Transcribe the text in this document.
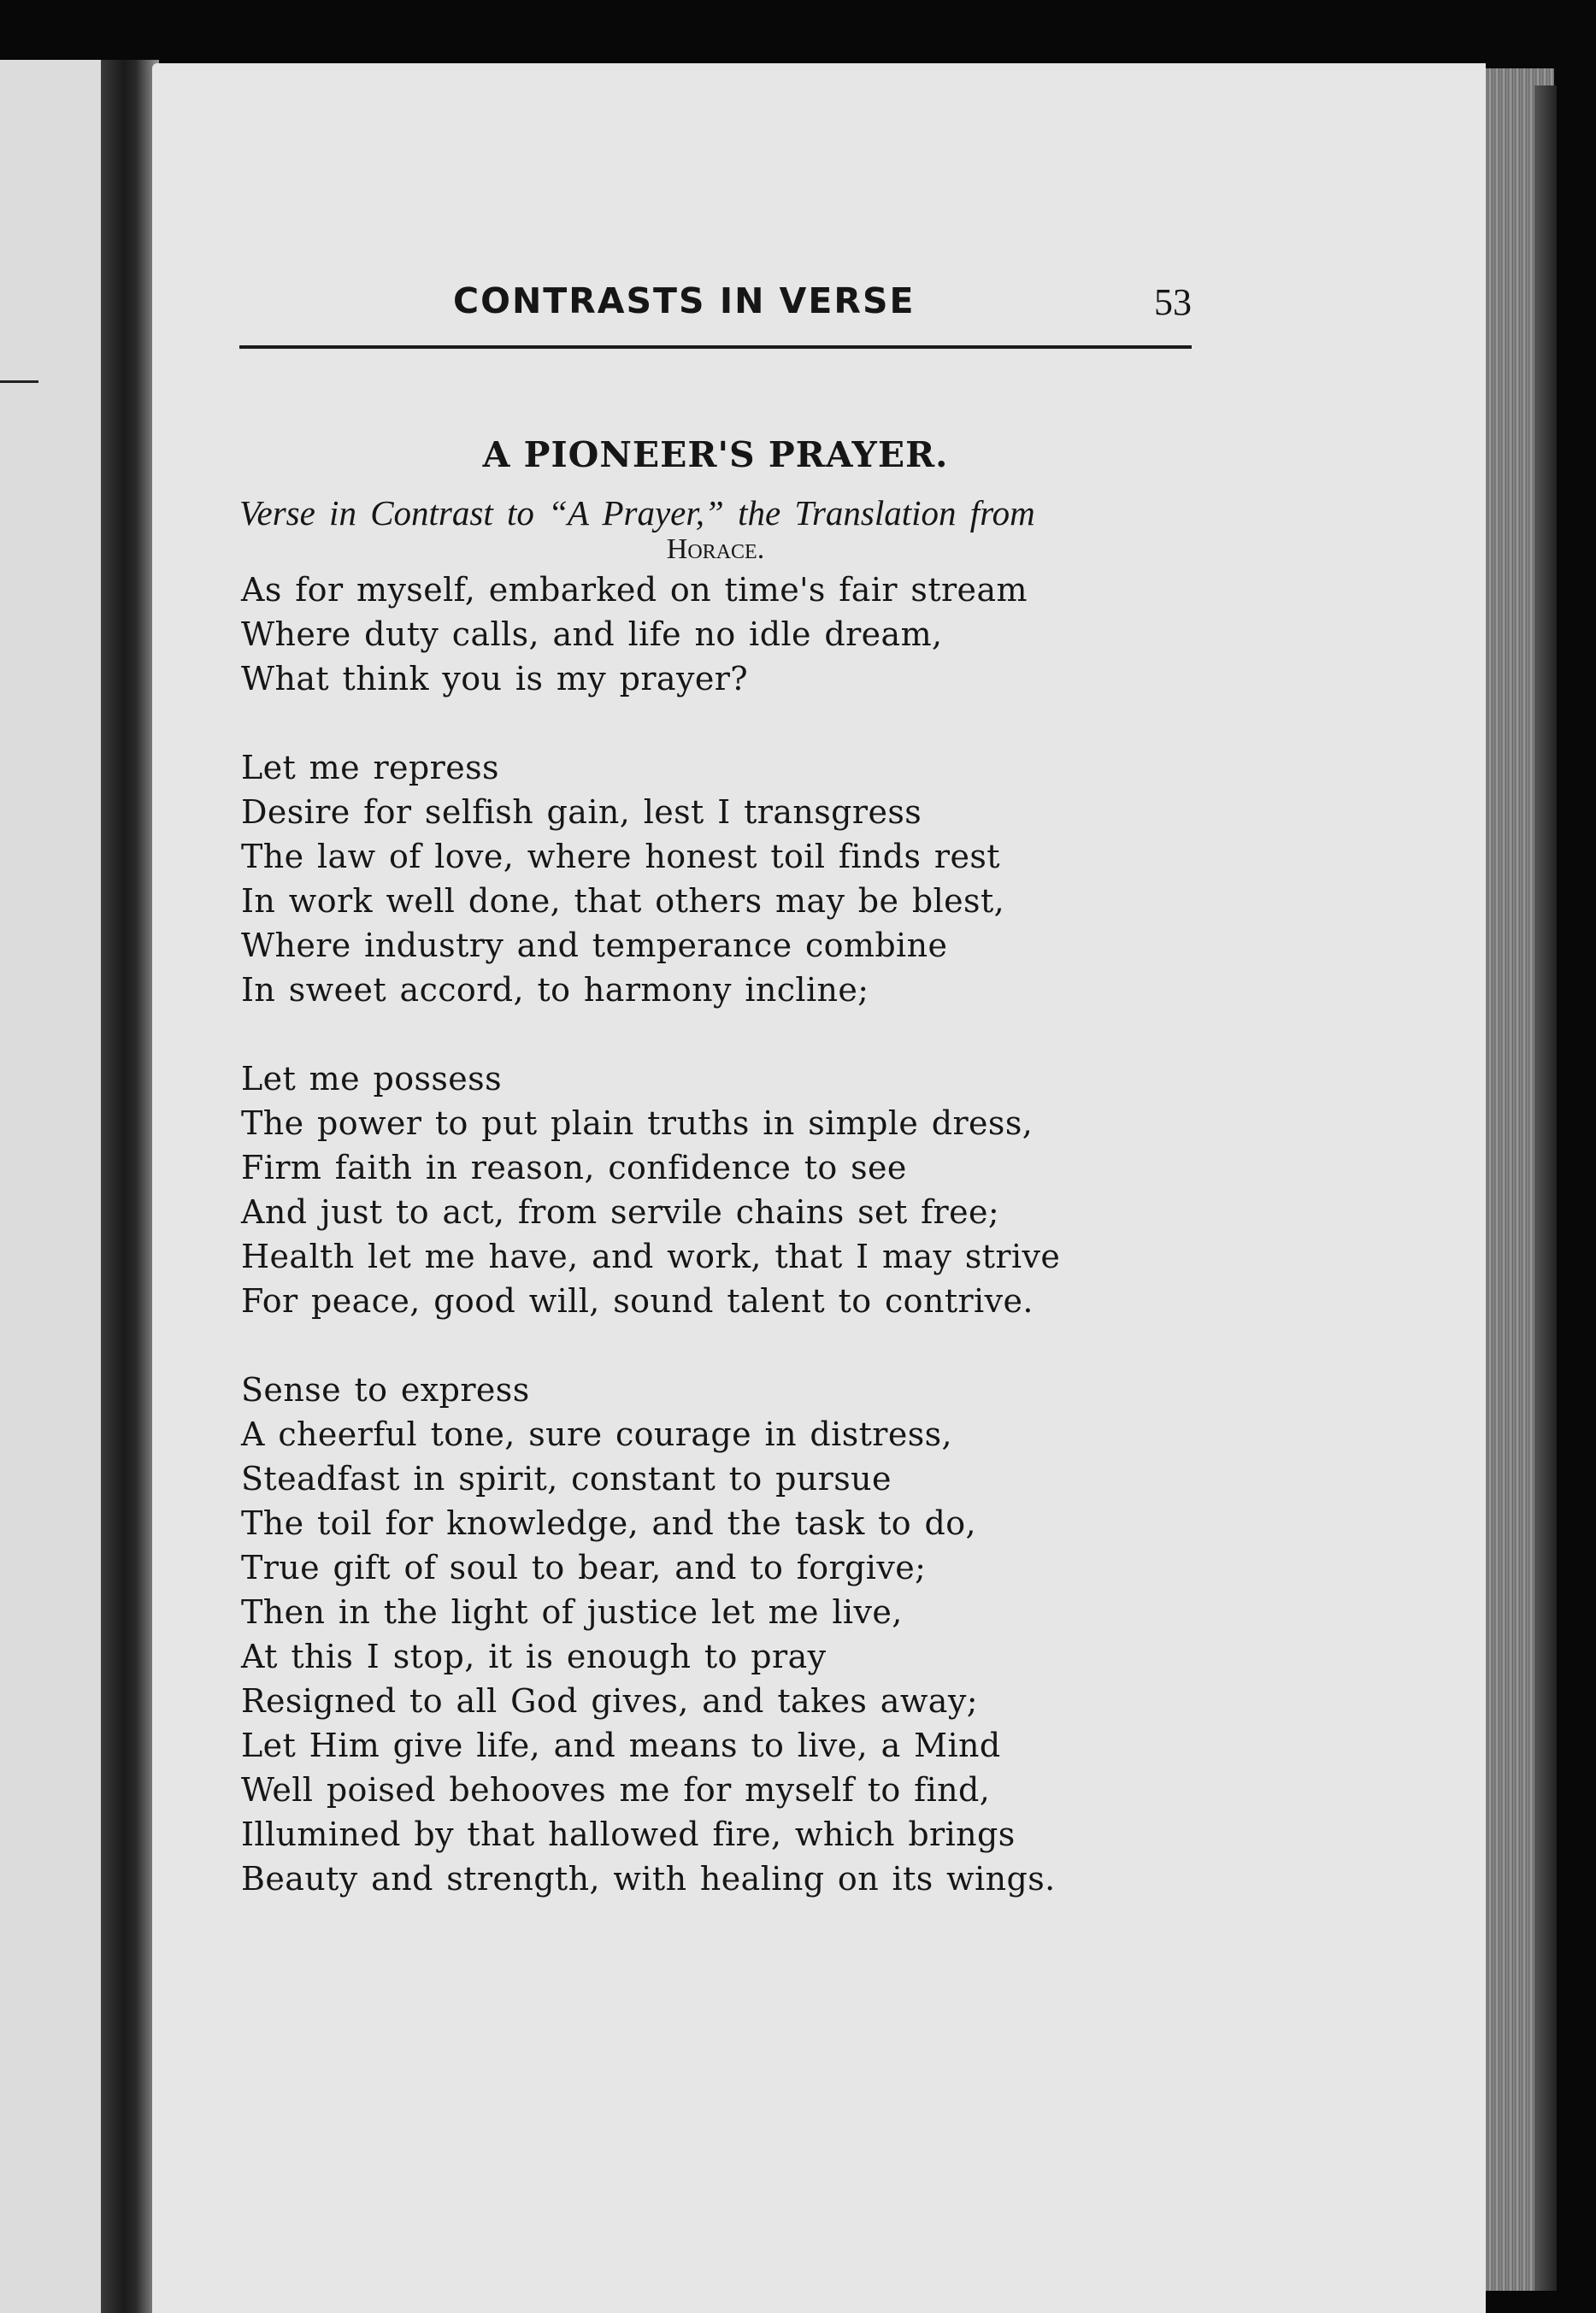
CONTRASTS IN VERSE	53
A PIONEER'S PRAYER.
Verse in Contrast to “A Prayer,” the Translation from
Horace.
As for myself, embarked on time's fair stream
Where duty calls, and life no idle dream,
What think you is my prayer?
Let me repress
Desire for selfish gain, lest I transgress
The law of love, where honest toil finds rest
In work well done, that others may be blest,
Where industry and temperance combine
In sweet accord, to harmony incline;
Let me possess
The power to put plain truths in simple dress,
Firm faith in reason, confidence to see
And just to act, from servile chains set free;
Health let me have, and work, that I may strive
For peace, good will, sound talent to contrive.
Sense to express
A cheerful tone, sure courage in distress,
Steadfast in spirit, constant to pursue
The toil for knowledge, and the task to do,
True gift of soul to bear, and to forgive;
Then in the light of justice let me live,
At this I stop, it is enough to pray
Resigned to all God gives, and takes away;
Let Him give life, and means to live, a Mind
Well poised behooves me for myself to find,
Illumined by that hallowed fire, which brings
Beauty and strength, with healing on its wings.
